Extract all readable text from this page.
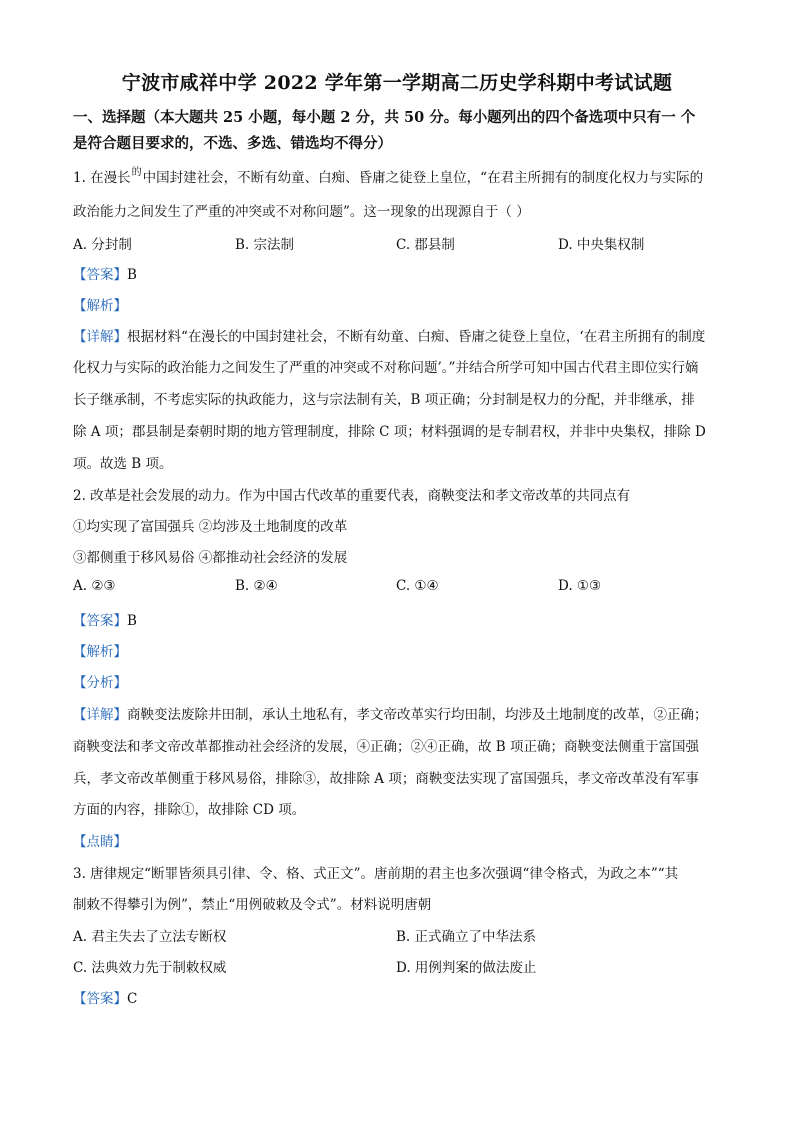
宁波市咸祥中学 2022 学年第一学期高二历史学科期中考试试题
一、选择题（本大题共 25 小题，每小题 2 分，共 50 分。每小题列出的四个备选项中只有一 个
是符合题目要求的，不选、多选、错选均不得分）
1. 在漫长$^的$中国封建社会，不断有幼童、白痴、昏庸之徒登上皇位，“在君主所拥有的制度化权力与实际的
政治能力之间发生了严重的冲突或不对称问题”。这一现象的出现源自于（ ）
A. 分封制	B. 宗法制	C. 郡县制	D. 中央集权制
【答案】B
【解析】
【详解】根据材料“在漫长的中国封建社会，不断有幼童、白痴、昏庸之徒登上皇位，‘在君主所拥有的制度
化权力与实际的政治能力之间发生了严重的冲突或不对称问题’。”并结合所学可知中国古代君主即位实行嫡
长子继承制，不考虑实际的执政能力，这与宗法制有关，B 项正确；分封制是权力的分配，并非继承，排
除 A 项；郡县制是秦朝时期的地方管理制度，排除 C 项；材料强调的是专制君权，并非中央集权，排除 D
项。故选 B 项。
2. 改革是社会发展的动力。作为中国古代改革的重要代表，商鞅变法和孝文帝改革的共同点有
①均实现了富国强兵 ②均涉及土地制度的改革
③都侧重于移风易俗 ④都推动社会经济的发展
A. ②③	B. ②④	C. ①④	D. ①③
【答案】B
【解析】
【分析】
【详解】商鞅变法废除井田制，承认土地私有，孝文帝改革实行均田制，均涉及土地制度的改革，②正确；
商鞅变法和孝文帝改革都推动社会经济的发展，④正确；②④正确，故 B 项正确；商鞅变法侧重于富国强
兵，孝文帝改革侧重于移风易俗，排除③，故排除 A 项；商鞅变法实现了富国强兵，孝文帝改革没有军事
方面的内容，排除①，故排除 CD 项。
【点睛】
3. 唐律规定“断罪皆须具引律、令、格、式正文”。唐前期的君主也多次强调“律令格式，为政之本”“其
制敕不得攀引为例”，禁止“用例破敕及令式”。材料说明唐朝
A. 君主失去了立法专断权	B. 正式确立了中华法系
C. 法典效力先于制敕权威	D. 用例判案的做法废止
【答案】C
